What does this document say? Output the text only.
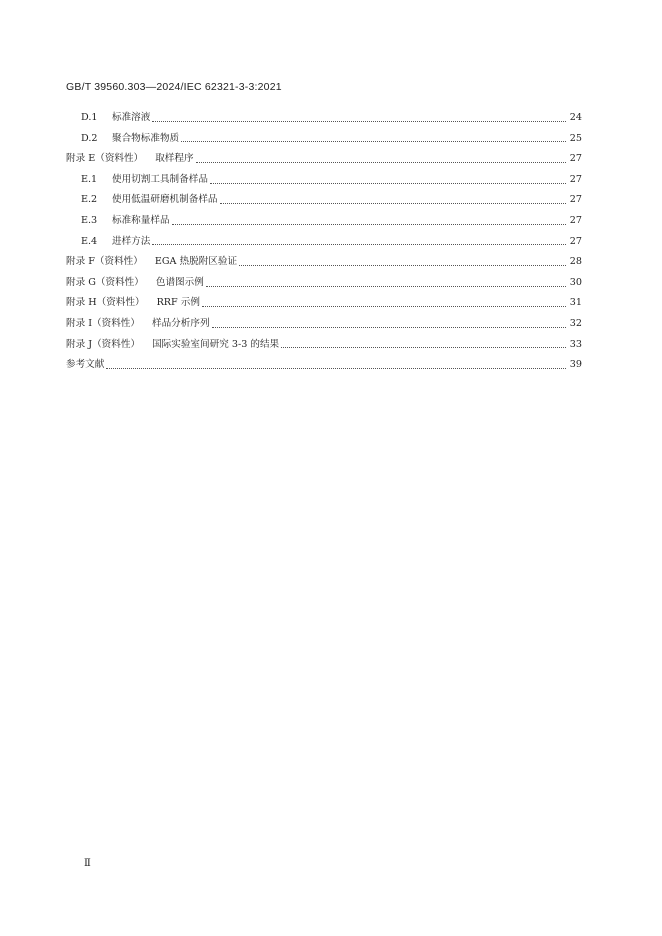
GB/T 39560.303—2024/IEC 62321-3-3:2021
D.1	标准溶液	24
D.2	聚合物标准物质	25
附录 E（资料性） 取样程序	27
E.1	使用切割工具制备样品	27
E.2	使用低温研磨机制备样品	27
E.3	标准称量样品	27
E.4	进样方法	27
附录 F（资料性） EGA 热脱附区验证	28
附录 G（资料性） 色谱图示例	30
附录 H（资料性） RRF 示例	31
附录 I（资料性） 样品分析序列	32
附录 J（资料性） 国际实验室间研究 3-3 的结果	33
参考文献	39
Ⅱ
